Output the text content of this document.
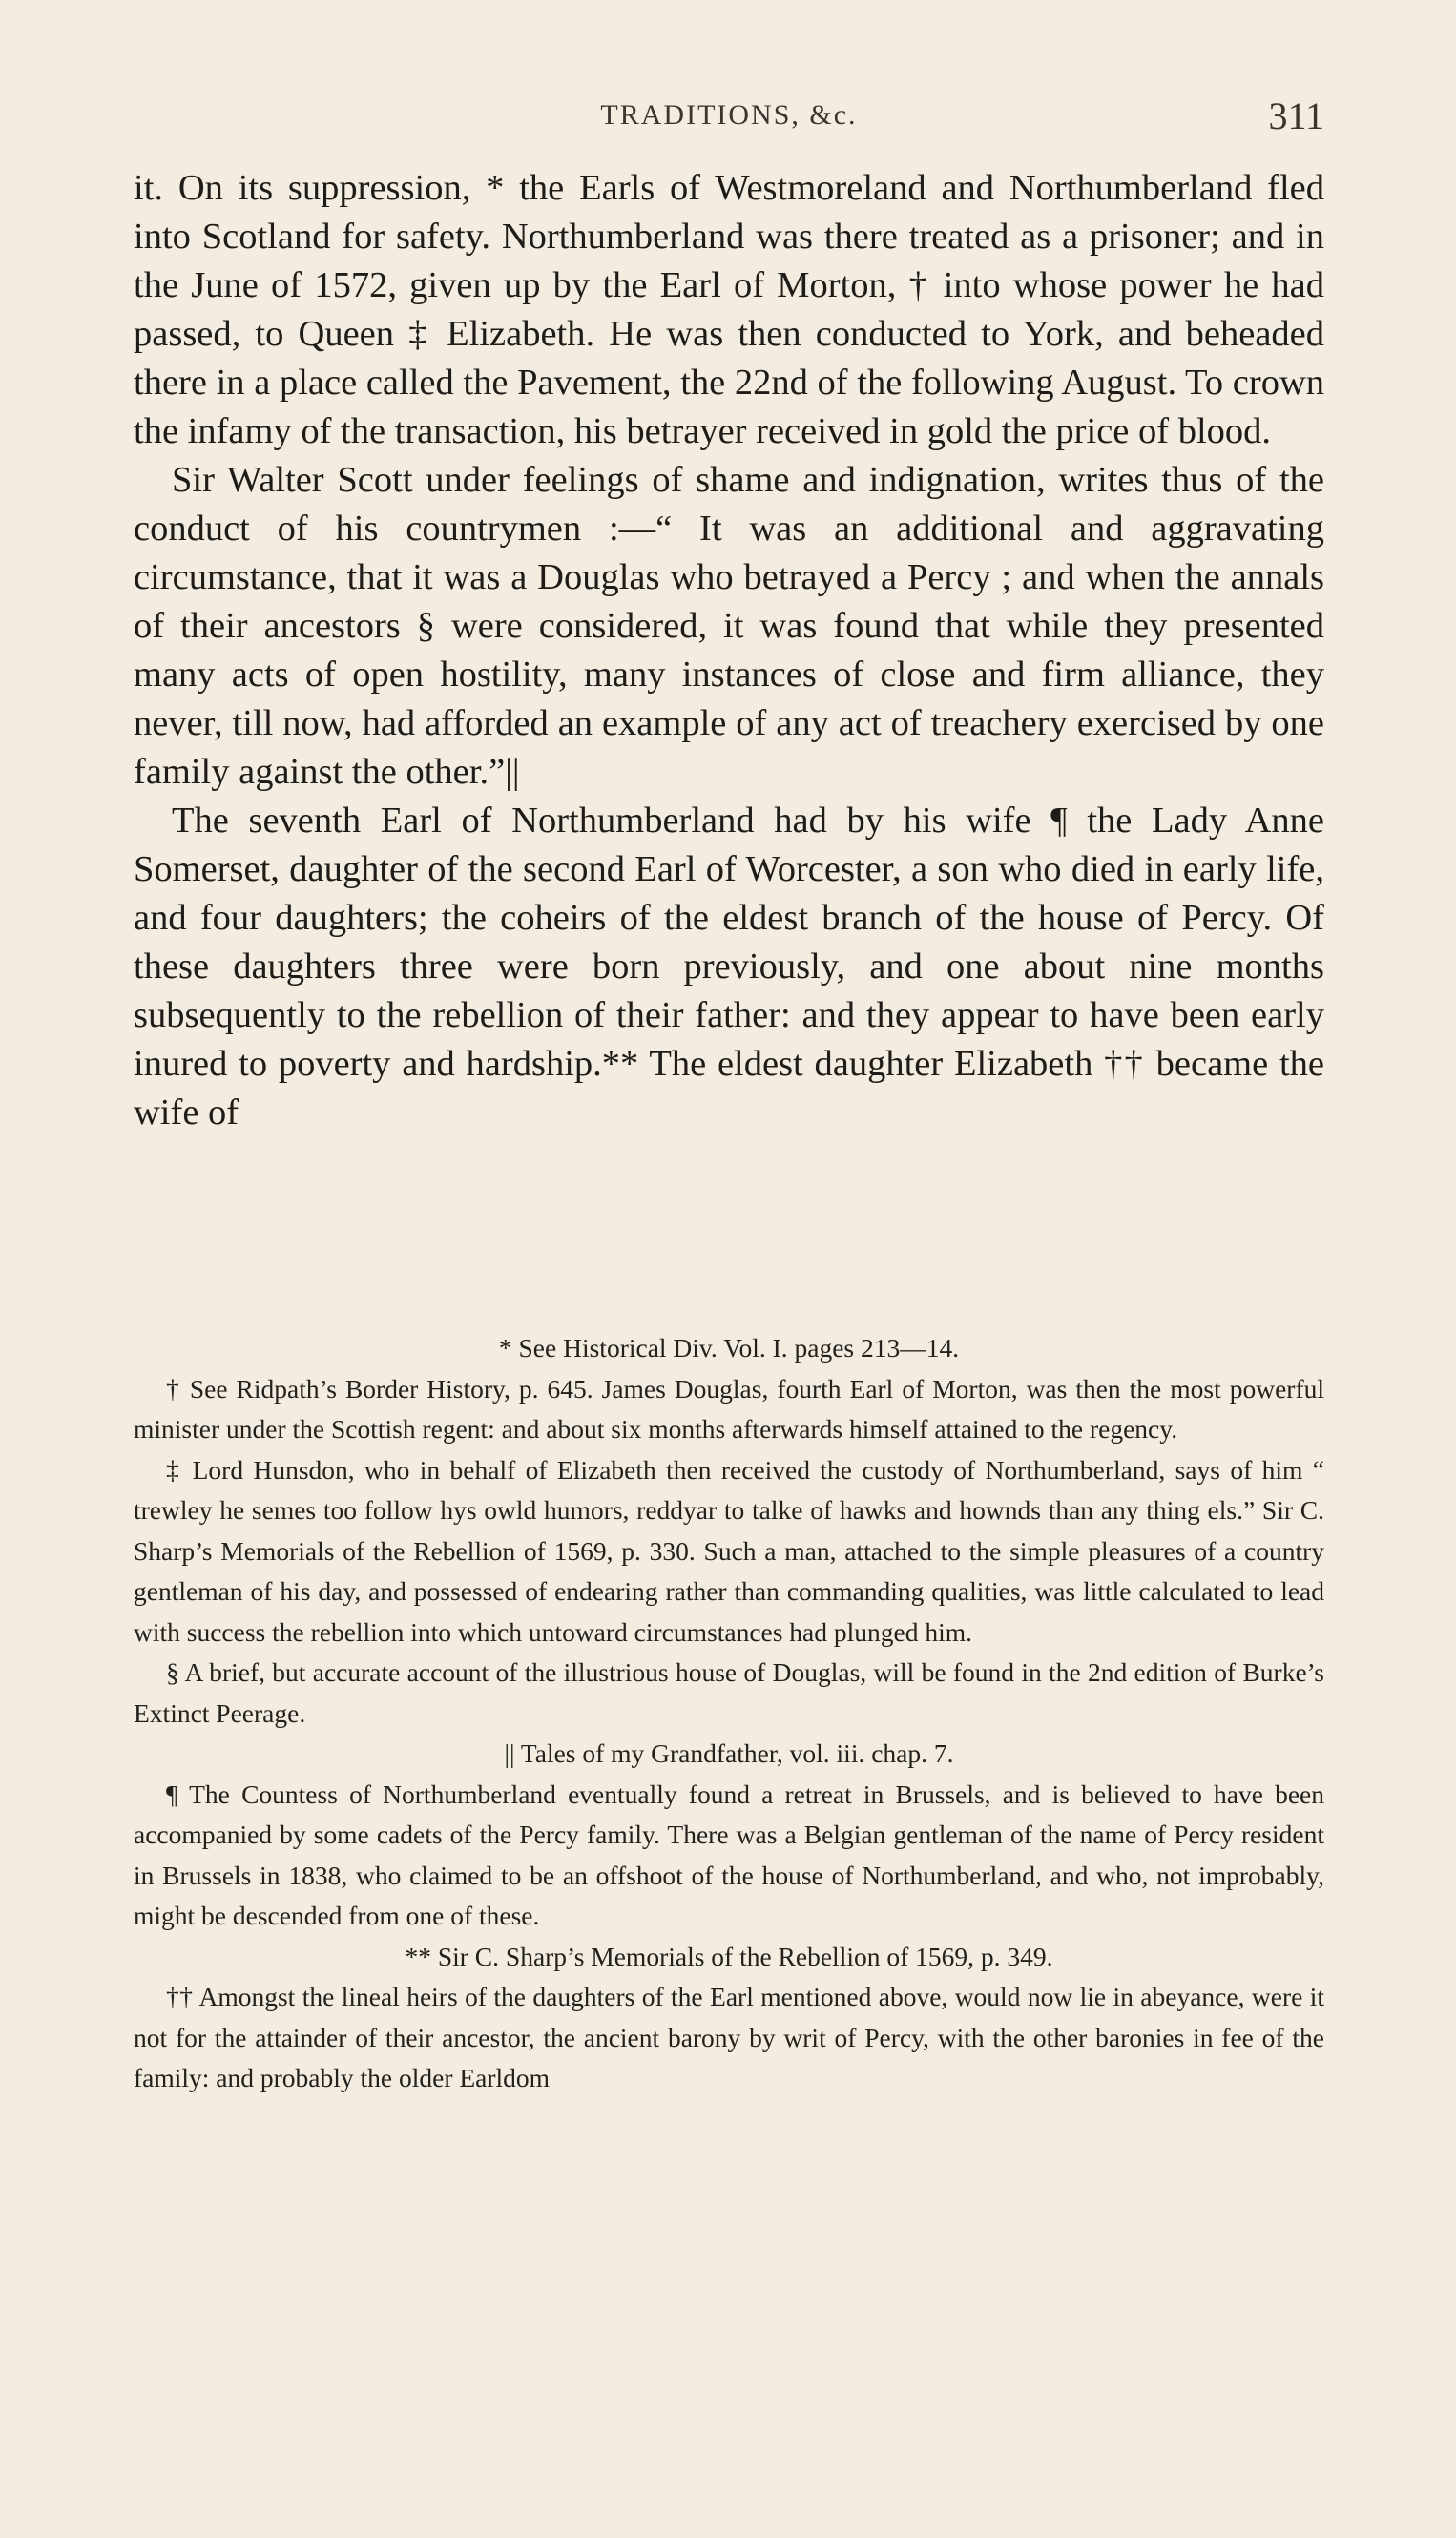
TRADITIONS, &c.	311

it. On its suppression, * the Earls of Westmoreland and Northumberland fled into Scotland for safety. Northumberland was there treated as a prisoner; and in the June of 1572, given up by the Earl of Morton, † into whose power he had passed, to Queen ‡ Elizabeth. He was then conducted to York, and beheaded there in a place called the Pavement, the 22nd of the following August. To crown the infamy of the transaction, his betrayer received in gold the price of blood.

Sir Walter Scott under feelings of shame and indignation, writes thus of the conduct of his countrymen :—“ It was an additional and aggravating circumstance, that it was a Douglas who betrayed a Percy ; and when the annals of their ancestors § were considered, it was found that while they presented many acts of open hostility, many instances of close and firm alliance, they never, till now, had afforded an example of any act of treachery exercised by one family against the other.”||

The seventh Earl of Northumberland had by his wife ¶ the Lady Anne Somerset, daughter of the second Earl of Worcester, a son who died in early life, and four daughters; the coheirs of the eldest branch of the house of Percy. Of these daughters three were born previously, and one about nine months subsequently to the rebellion of their father: and they appear to have been early inured to poverty and hardship.** The eldest daughter Elizabeth †† became the wife of

* See Historical Div. Vol. I. pages 213—14.

† See Ridpath’s Border History, p. 645. James Douglas, fourth Earl of Morton, was then the most powerful minister under the Scottish regent: and about six months afterwards himself attained to the regency.

‡ Lord Hunsdon, who in behalf of Elizabeth then received the custody of Northumberland, says of him “ trewley he semes too follow hys owld humors, reddyar to talke of hawks and hownds than any thing els.” Sir C. Sharp’s Memorials of the Rebellion of 1569, p. 330. Such a man, attached to the simple pleasures of a country gentleman of his day, and possessed of endearing rather than commanding qualities, was little calculated to lead with success the rebellion into which untoward circumstances had plunged him.

§ A brief, but accurate account of the illustrious house of Douglas, will be found in the 2nd edition of Burke’s Extinct Peerage.

|| Tales of my Grandfather, vol. iii. chap. 7.

¶ The Countess of Northumberland eventually found a retreat in Brussels, and is believed to have been accompanied by some cadets of the Percy family. There was a Belgian gentleman of the name of Percy resident in Brussels in 1838, who claimed to be an offshoot of the house of Northumberland, and who, not improbably, might be descended from one of these.

** Sir C. Sharp’s Memorials of the Rebellion of 1569, p. 349.

†† Amongst the lineal heirs of the daughters of the Earl mentioned above, would now lie in abeyance, were it not for the attainder of their ancestor, the ancient barony by writ of Percy, with the other baronies in fee of the family: and probably the older Earldom
